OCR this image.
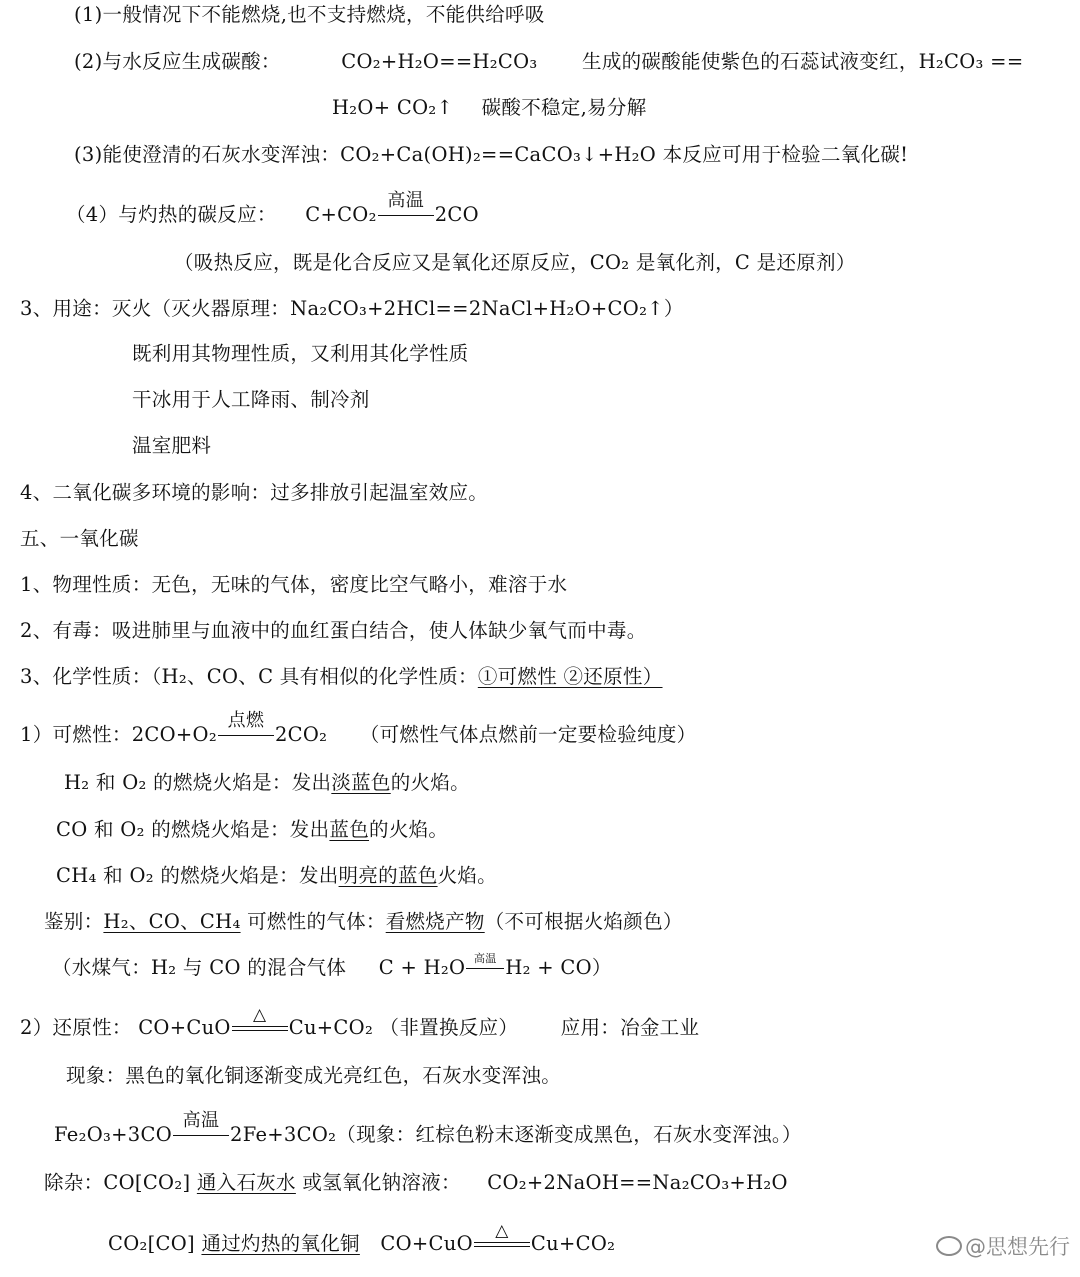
(1)一般情况下不能燃烧,也不支持燃烧，不能供给呼吸
(2)与水反应生成碳酸：	CO₂+H₂O==H₂CO₃ 生成的碳酸能使紫色的石蕊试液变红，H₂CO₃ ==
H₂O+ CO₂↑ 碳酸不稳定,易分解
(3)能使澄清的石灰水变浑浊：CO₂+Ca(OH)₂==CaCO₃↓+H₂O 本反应可用于检验二氧化碳!
（4）与灼热的碳反应： C+CO₂
高温
2CO
（吸热反应，既是化合反应又是氧化还原反应，CO₂ 是氧化剂，C 是还原剂）
3、用途：灭火（灭火器原理：Na₂CO₃+2HCl==2NaCl+H₂O+CO₂↑）
既利用其物理性质，又利用其化学性质
干冰用于人工降雨、制冷剂
温室肥料
4、二氧化碳多环境的影响：过多排放引起温室效应。
五、一氧化碳
1、物理性质：无色，无味的气体，密度比空气略小，难溶于水
2、有毒：吸进肺里与血液中的血红蛋白结合，使人体缺少氧气而中毒。
3、化学性质：（H₂、CO、C 具有相似的化学性质：①可燃性 ②还原性）
1）可燃性：2CO+O₂
点燃
2CO₂ （可燃性气体点燃前一定要检验纯度）
H₂ 和 O₂ 的燃烧火焰是：发出淡蓝色的火焰。
CO 和 O₂ 的燃烧火焰是：发出蓝色的火焰。
CH₄ 和 O₂ 的燃烧火焰是：发出明亮的蓝色火焰。
鉴别：H₂、CO、CH₄ 可燃性的气体：看燃烧产物（不可根据火焰颜色）
（水煤气：H₂ 与 CO 的混合气体 C + H₂O 高温 H₂ + CO）
2）还原性： CO+CuO
△
Cu+CO₂ （非置换反应） 应用：冶金工业
现象：黑色的氧化铜逐渐变成光亮红色，石灰水变浑浊。
Fe₂O₃+3CO
高温
2Fe+3CO₂（现象：红棕色粉末逐渐变成黑色，石灰水变浑浊。）
除杂：CO[CO₂] 通入石灰水 或氢氧化钠溶液： CO₂+2NaOH==Na₂CO₃+H₂O
CO₂[CO] 通过灼热的氧化铜 CO+CuO
△
Cu+CO₂	@思想先行
